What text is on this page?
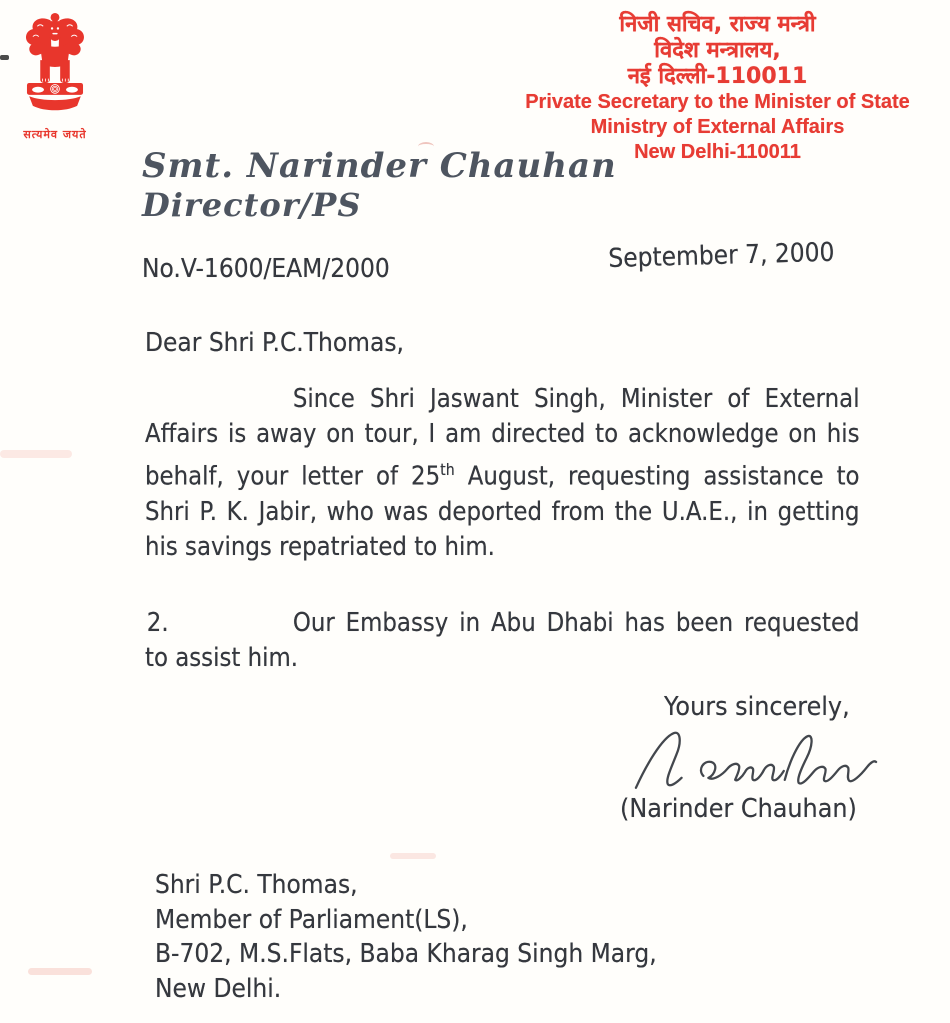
सत्यमेव जयते
निजी सचिव, राज्य मन्त्री
विदेश मन्त्रालय,
नई दिल्ली-110011
Private Secretary to the Minister of State
Ministry of External Affairs
New Delhi-110011
Smt. Narinder Chauhan
Director/PS
No.V-1600/EAM/2000	September 7, 2000
Dear Shri P.C.Thomas,

Since Shri Jaswant Singh, Minister of External Affairs is away on tour, I am directed to acknowledge on his behalf, your letter of 25th August, requesting assistance to Shri P. K. Jabir, who was deported from the U.A.E., in getting his savings repatriated to him.

2.	Our Embassy in Abu Dhabi has been requested to assist him.

Yours sincerely,
(Narinder Chauhan)
Shri P.C. Thomas,
Member of Parliament(LS),
B-702, M.S.Flats, Baba Kharag Singh Marg,
New Delhi.
